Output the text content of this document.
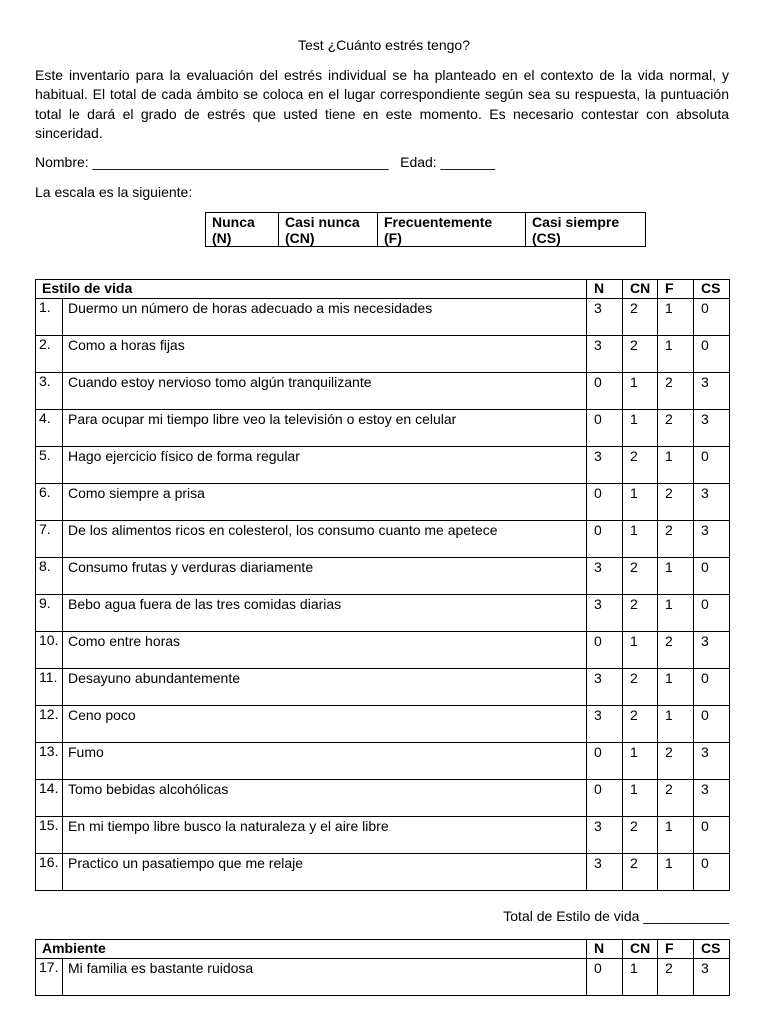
Test ¿Cuánto estrés tengo?

Este inventario para la evaluación del estrés individual se ha planteado en el contexto de la vida normal, y habitual. El total de cada ámbito se coloca en el lugar correspondiente según sea su respuesta, la puntuación total le dará el grado de estrés que usted tiene en este momento. Es necesario contestar con absoluta sinceridad.

Nombre: ______________________________________   Edad: _______
La escala es la siguiente:
Nunca
(N)

Casi nunca
(CN)

Frecuentemente
(F)

Casi siempre
(CS)
Estilo de vida		N	CN	F	CS
1.	Duermo un número de horas adecuado a mis necesidades	3	2	1	0
2.	Como a horas fijas	3	2	1	0
3.	Cuando estoy nervioso tomo algún tranquilizante	0	1	2	3
4.	Para ocupar mi tiempo libre veo la televisión o estoy en celular	0	1	2	3
5.	Hago ejercicio físico de forma regular	3	2	1	0
6.	Como siempre a prisa	0	1	2	3
7.	De los alimentos ricos en colesterol, los consumo cuanto me apetece	0	1	2	3
8.	Consumo frutas y verduras diariamente	3	2	1	0
9.	Bebo agua fuera de las tres comidas diarias	3	2	1	0
10.	Como entre horas	0	1	2	3
11.	Desayuno abundantemente	3	2	1	0
12.	Ceno poco	3	2	1	0
13.	Fumo	0	1	2	3
14.	Tomo bebidas alcohólicas	0	1	2	3
15.	En mi tiempo libre busco la naturaleza y el aire libre	3	2	1	0
16.	Practico un pasatiempo que me relaje	3	2	1	0
Total de Estilo de vida ___________
Ambiente		N	CN	F	CS
17.	Mi familia es bastante ruidosa	0	1	2	3
